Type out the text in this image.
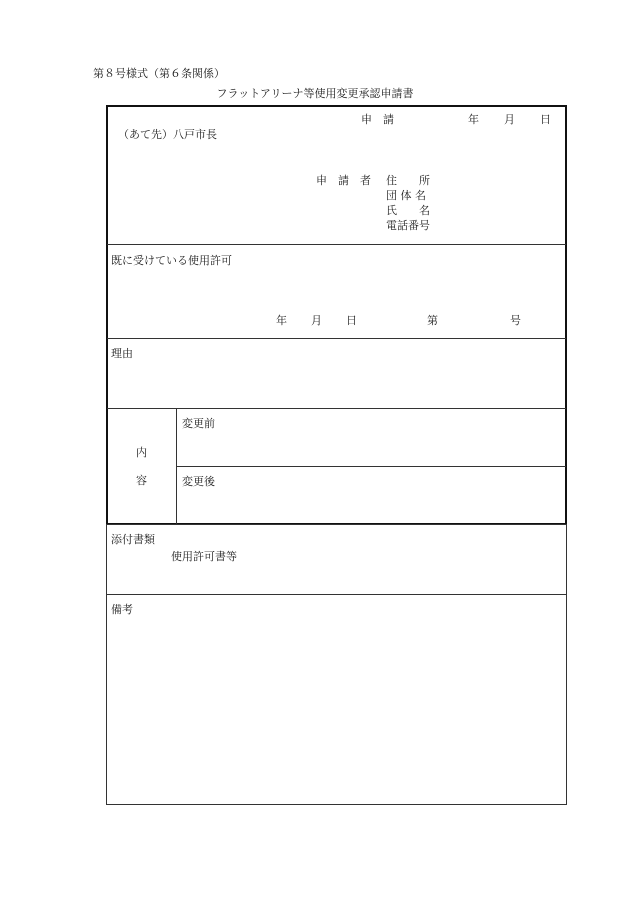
第８号様式（第６条関係）
フラットアリーナ等使用変更承認申請書
申　請	年 月 日
（あて先）八戸市長
申　請　者 住　　所
団 体 名
氏　　名
電話番号
既に受けている使用許可
年 月 日	第	号
理由
内
容
変更前
変更後
添付書類
使用許可書等
備考
